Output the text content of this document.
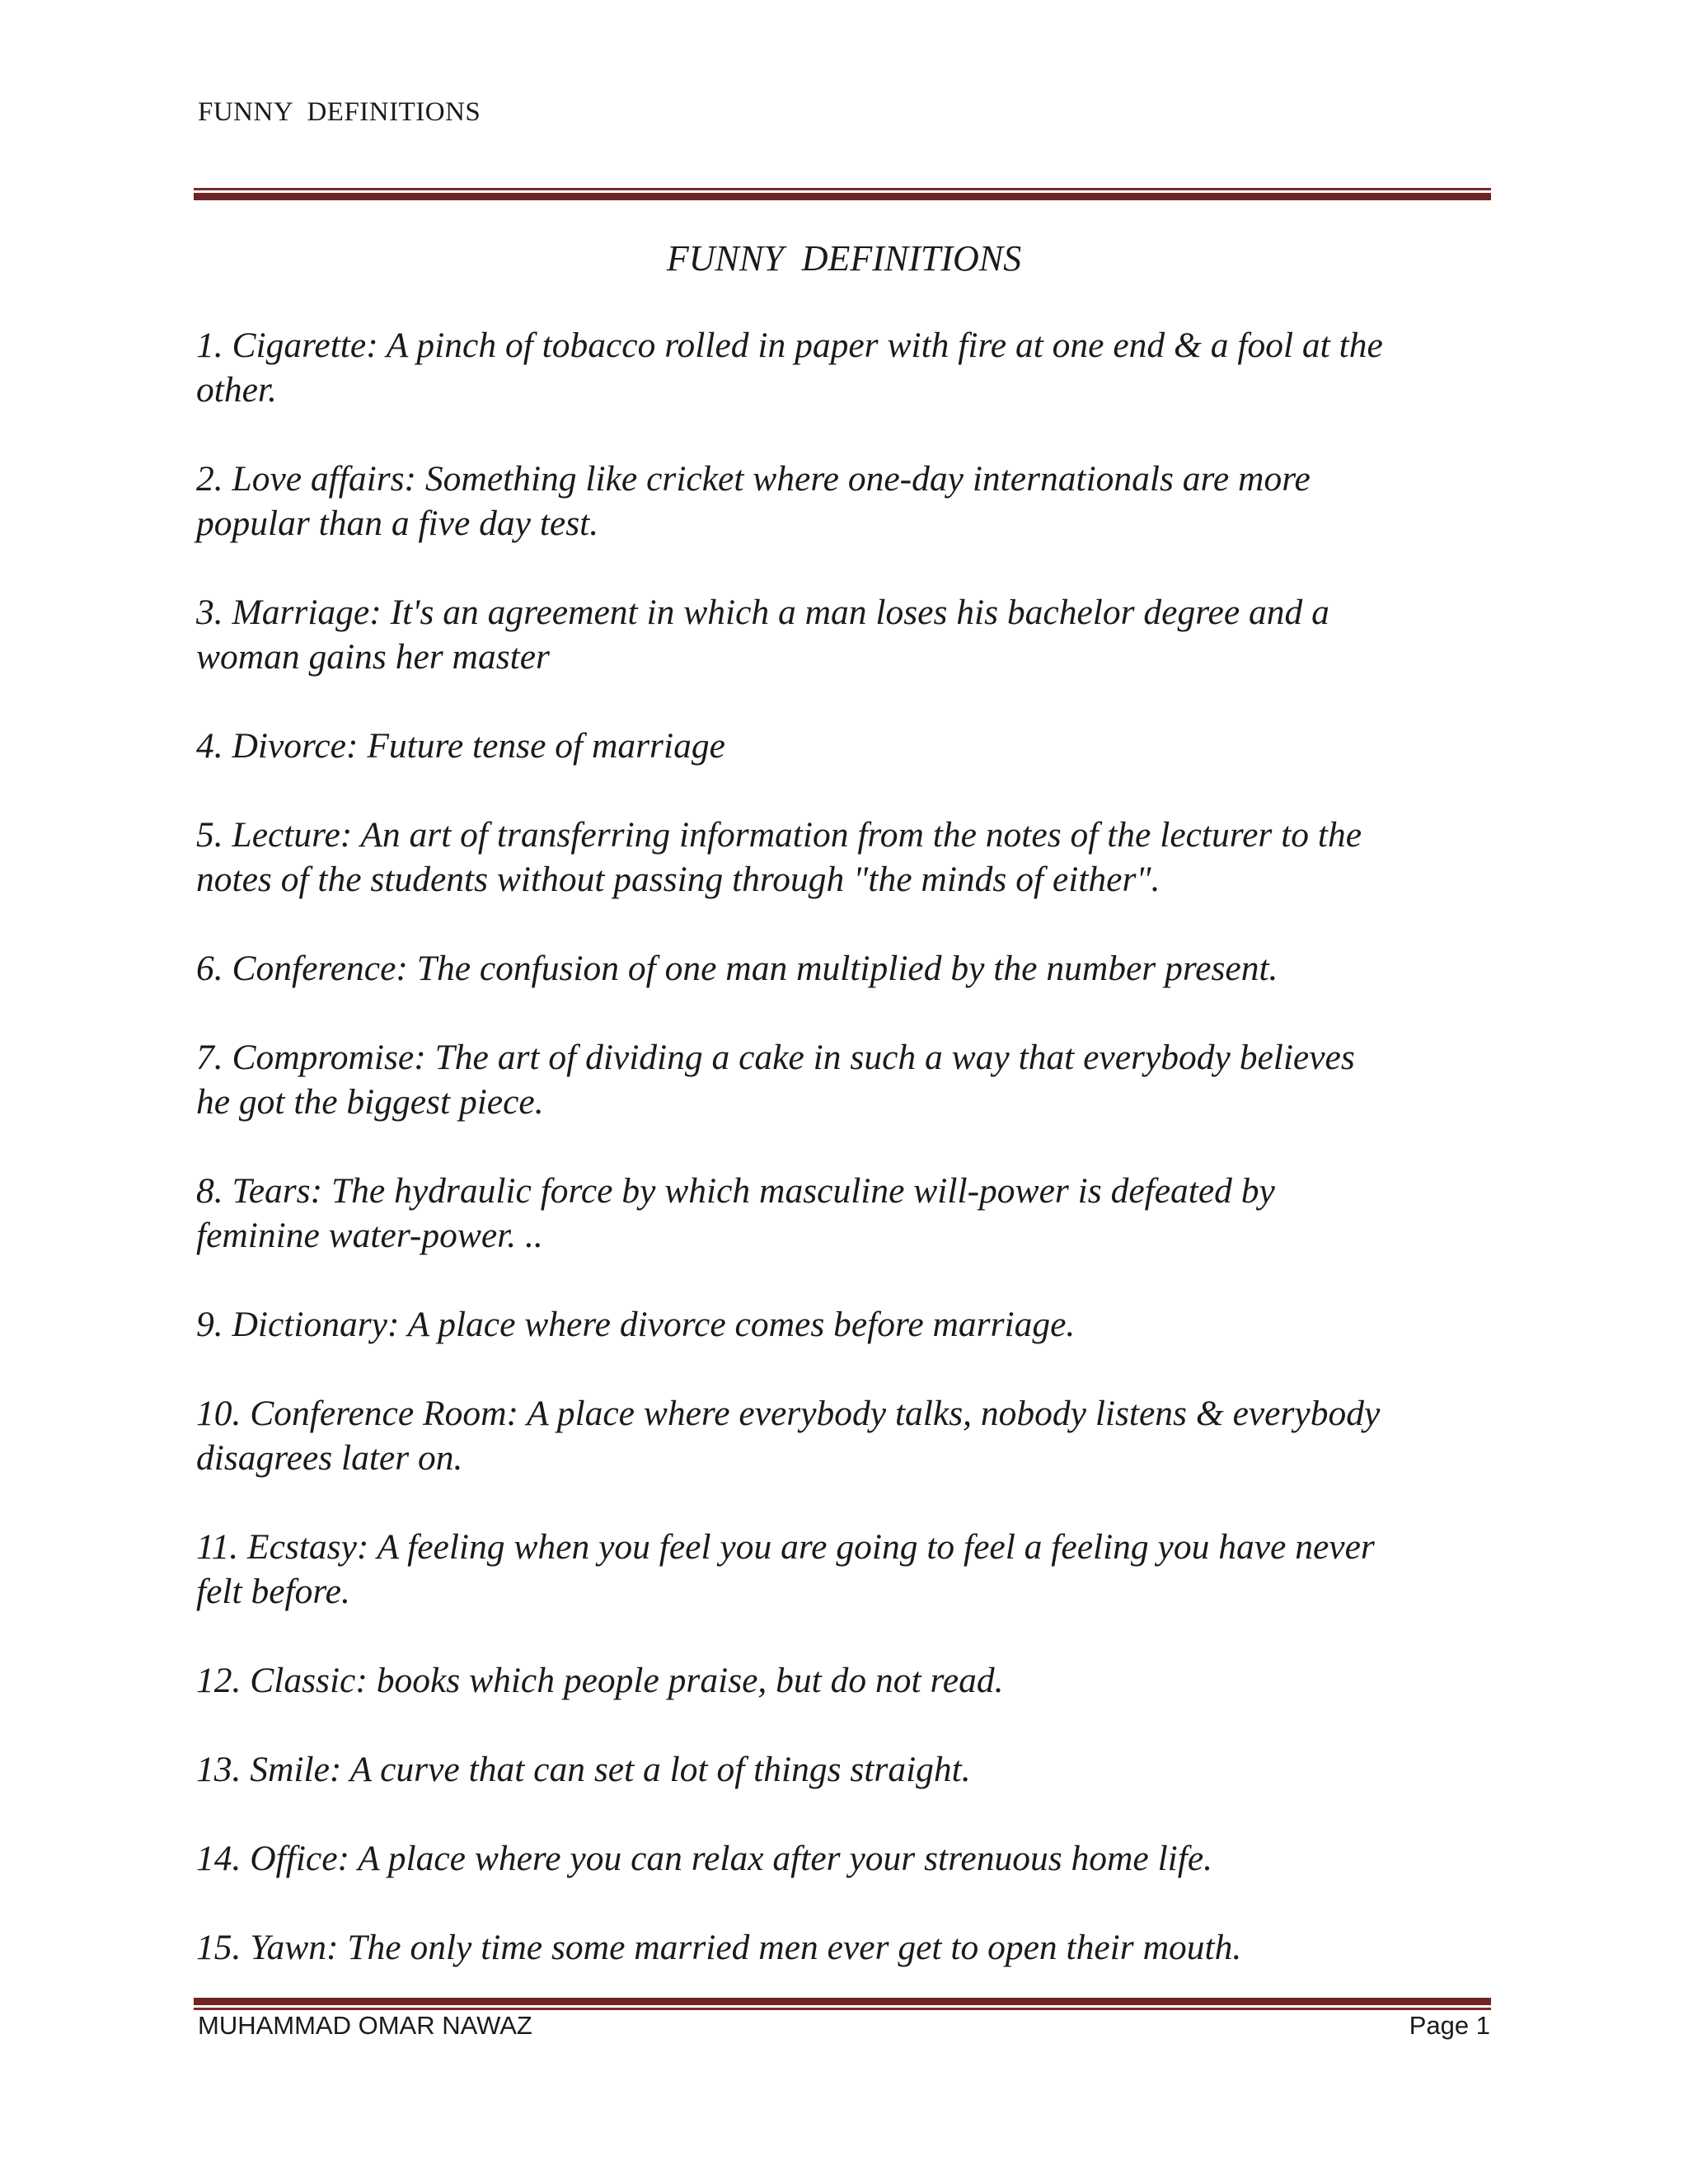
FUNNY  DEFINITIONS
FUNNY  DEFINITIONS
1. Cigarette: A pinch of tobacco rolled in paper with fire at one end & a fool at the
other.
2. Love affairs: Something like cricket where one-day internationals are more
popular than a five day test.
3. Marriage: It's an agreement in which a man loses his bachelor degree and a
woman gains her master
4. Divorce: Future tense of marriage
5. Lecture: An art of transferring information from the notes of the lecturer to the
notes of the students without passing through "the minds of either".
6. Conference: The confusion of one man multiplied by the number present.
7. Compromise: The art of dividing a cake in such a way that everybody believes
he got the biggest piece.
8. Tears: The hydraulic force by which masculine will-power is defeated by
feminine water-power. ..
9. Dictionary: A place where divorce comes before marriage.
10. Conference Room: A place where everybody talks, nobody listens & everybody
disagrees later on.
11. Ecstasy: A feeling when you feel you are going to feel a feeling you have never
felt before.
12. Classic: books which people praise, but do not read.
13. Smile: A curve that can set a lot of things straight.
14. Office: A place where you can relax after your strenuous home life.
15. Yawn: The only time some married men ever get to open their mouth.
MUHAMMAD OMAR NAWAZ	Page 1
